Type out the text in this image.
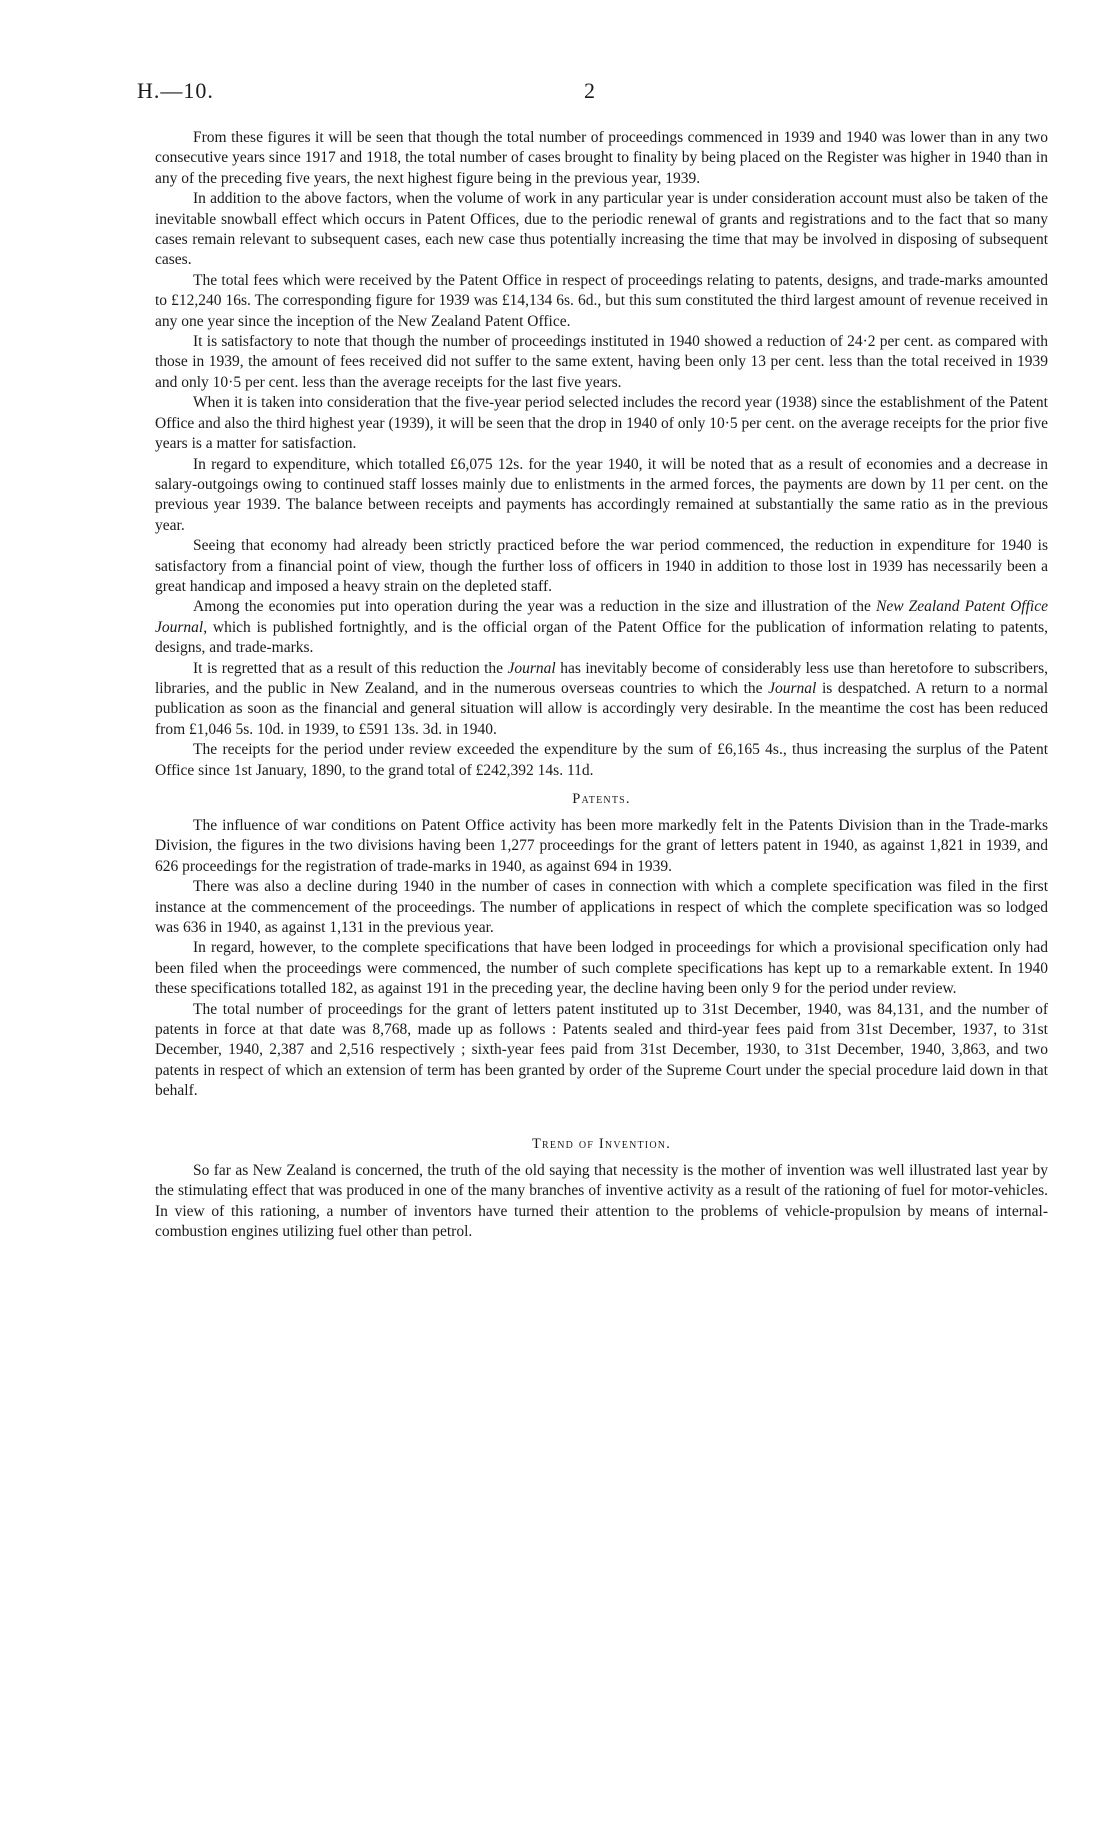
H.—10.	2

From these figures it will be seen that though the total number of proceedings commenced in 1939 and 1940 was lower than in any two consecutive years since 1917 and 1918, the total number of cases brought to finality by being placed on the Register was higher in 1940 than in any of the preceding five years, the next highest figure being in the previous year, 1939.

In addition to the above factors, when the volume of work in any particular year is under consideration account must also be taken of the inevitable snowball effect which occurs in Patent Offices, due to the periodic renewal of grants and registrations and to the fact that so many cases remain relevant to subsequent cases, each new case thus potentially increasing the time that may be involved in disposing of subsequent cases.

The total fees which were received by the Patent Office in respect of proceedings relating to patents, designs, and trade-marks amounted to £12,240 16s. The corresponding figure for 1939 was £14,134 6s. 6d., but this sum constituted the third largest amount of revenue received in any one year since the inception of the New Zealand Patent Office.

It is satisfactory to note that though the number of proceedings instituted in 1940 showed a reduction of 24·2 per cent. as compared with those in 1939, the amount of fees received did not suffer to the same extent, having been only 13 per cent. less than the total received in 1939 and only 10·5 per cent. less than the average receipts for the last five years.

When it is taken into consideration that the five-year period selected includes the record year (1938) since the establishment of the Patent Office and also the third highest year (1939), it will be seen that the drop in 1940 of only 10·5 per cent. on the average receipts for the prior five years is a matter for satisfaction.

In regard to expenditure, which totalled £6,075 12s. for the year 1940, it will be noted that as a result of economies and a decrease in salary-outgoings owing to continued staff losses mainly due to enlistments in the armed forces, the payments are down by 11 per cent. on the previous year 1939. The balance between receipts and payments has accordingly remained at substantially the same ratio as in the previous year.

Seeing that economy had already been strictly practiced before the war period commenced, the reduction in expenditure for 1940 is satisfactory from a financial point of view, though the further loss of officers in 1940 in addition to those lost in 1939 has necessarily been a great handicap and imposed a heavy strain on the depleted staff.

Among the economies put into operation during the year was a reduction in the size and illustration of the New Zealand Patent Office Journal, which is published fortnightly, and is the official organ of the Patent Office for the publication of information relating to patents, designs, and trade-marks.

It is regretted that as a result of this reduction the Journal has inevitably become of considerably less use than heretofore to subscribers, libraries, and the public in New Zealand, and in the numerous overseas countries to which the Journal is despatched. A return to a normal publication as soon as the financial and general situation will allow is accordingly very desirable. In the meantime the cost has been reduced from £1,046 5s. 10d. in 1939, to £591 13s. 3d. in 1940.

The receipts for the period under review exceeded the expenditure by the sum of £6,165 4s., thus increasing the surplus of the Patent Office since 1st January, 1890, to the grand total of £242,392 14s. 11d.

Patents.

The influence of war conditions on Patent Office activity has been more markedly felt in the Patents Division than in the Trade-marks Division, the figures in the two divisions having been 1,277 proceedings for the grant of letters patent in 1940, as against 1,821 in 1939, and 626 proceedings for the registration of trade-marks in 1940, as against 694 in 1939.

There was also a decline during 1940 in the number of cases in connection with which a complete specification was filed in the first instance at the commencement of the proceedings. The number of applications in respect of which the complete specification was so lodged was 636 in 1940, as against 1,131 in the previous year.

In regard, however, to the complete specifications that have been lodged in proceedings for which a provisional specification only had been filed when the proceedings were commenced, the number of such complete specifications has kept up to a remarkable extent. In 1940 these specifications totalled 182, as against 191 in the preceding year, the decline having been only 9 for the period under review.

The total number of proceedings for the grant of letters patent instituted up to 31st December, 1940, was 84,131, and the number of patents in force at that date was 8,768, made up as follows : Patents sealed and third-year fees paid from 31st December, 1937, to 31st December, 1940, 2,387 and 2,516 respectively ; sixth-year fees paid from 31st December, 1930, to 31st December, 1940, 3,863, and two patents in respect of which an extension of term has been granted by order of the Supreme Court under the special procedure laid down in that behalf.

Trend of Invention.

So far as New Zealand is concerned, the truth of the old saying that necessity is the mother of invention was well illustrated last year by the stimulating effect that was produced in one of the many branches of inventive activity as a result of the rationing of fuel for motor-vehicles. In view of this rationing, a number of inventors have turned their attention to the problems of vehicle-propulsion by means of internal-combustion engines utilizing fuel other than petrol.
